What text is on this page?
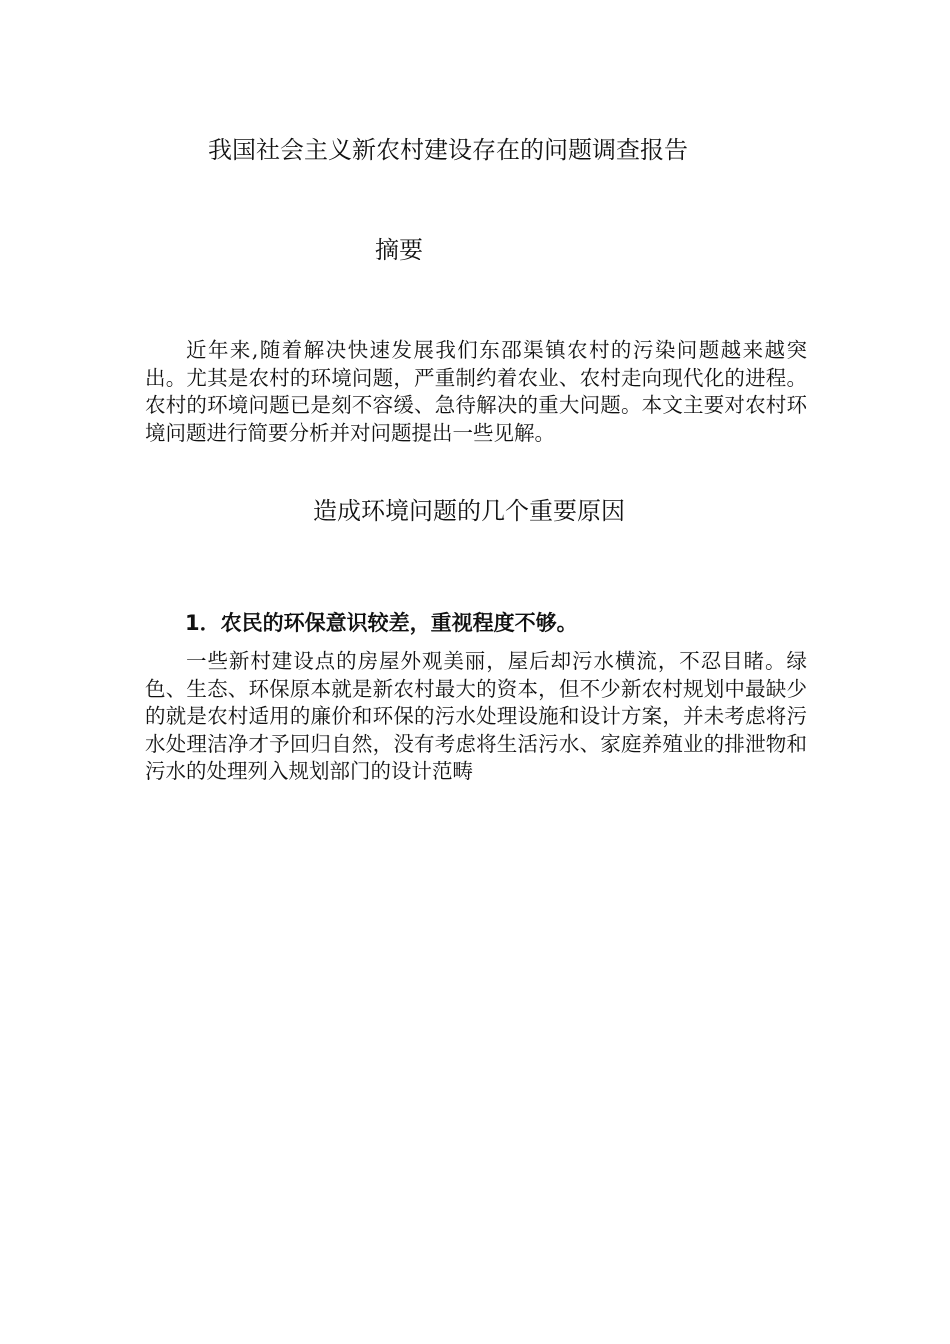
我国社会主义新农村建设存在的问题调查报告
摘要

近年来,随着解决快速发展我们东邵渠镇农村的污染问题越来越突出。尤其是农村的环境问题，严重制约着农业、农村走向现代化的进程。农村的环境问题已是刻不容缓、急待解决的重大问题。本文主要对农村环境问题进行简要分析并对问题提出一些见解。

造成环境问题的几个重要原因
1．农民的环保意识较差，重视程度不够。

一些新村建设点的房屋外观美丽，屋后却污水横流，不忍目睹。绿色、生态、环保原本就是新农村最大的资本，但不少新农村规划中最缺少的就是农村适用的廉价和环保的污水处理设施和设计方案，并未考虑将污水处理洁净才予回归自然，没有考虑将生活污水、家庭养殖业的排泄物和污水的处理列入规划部门的设计范畴
